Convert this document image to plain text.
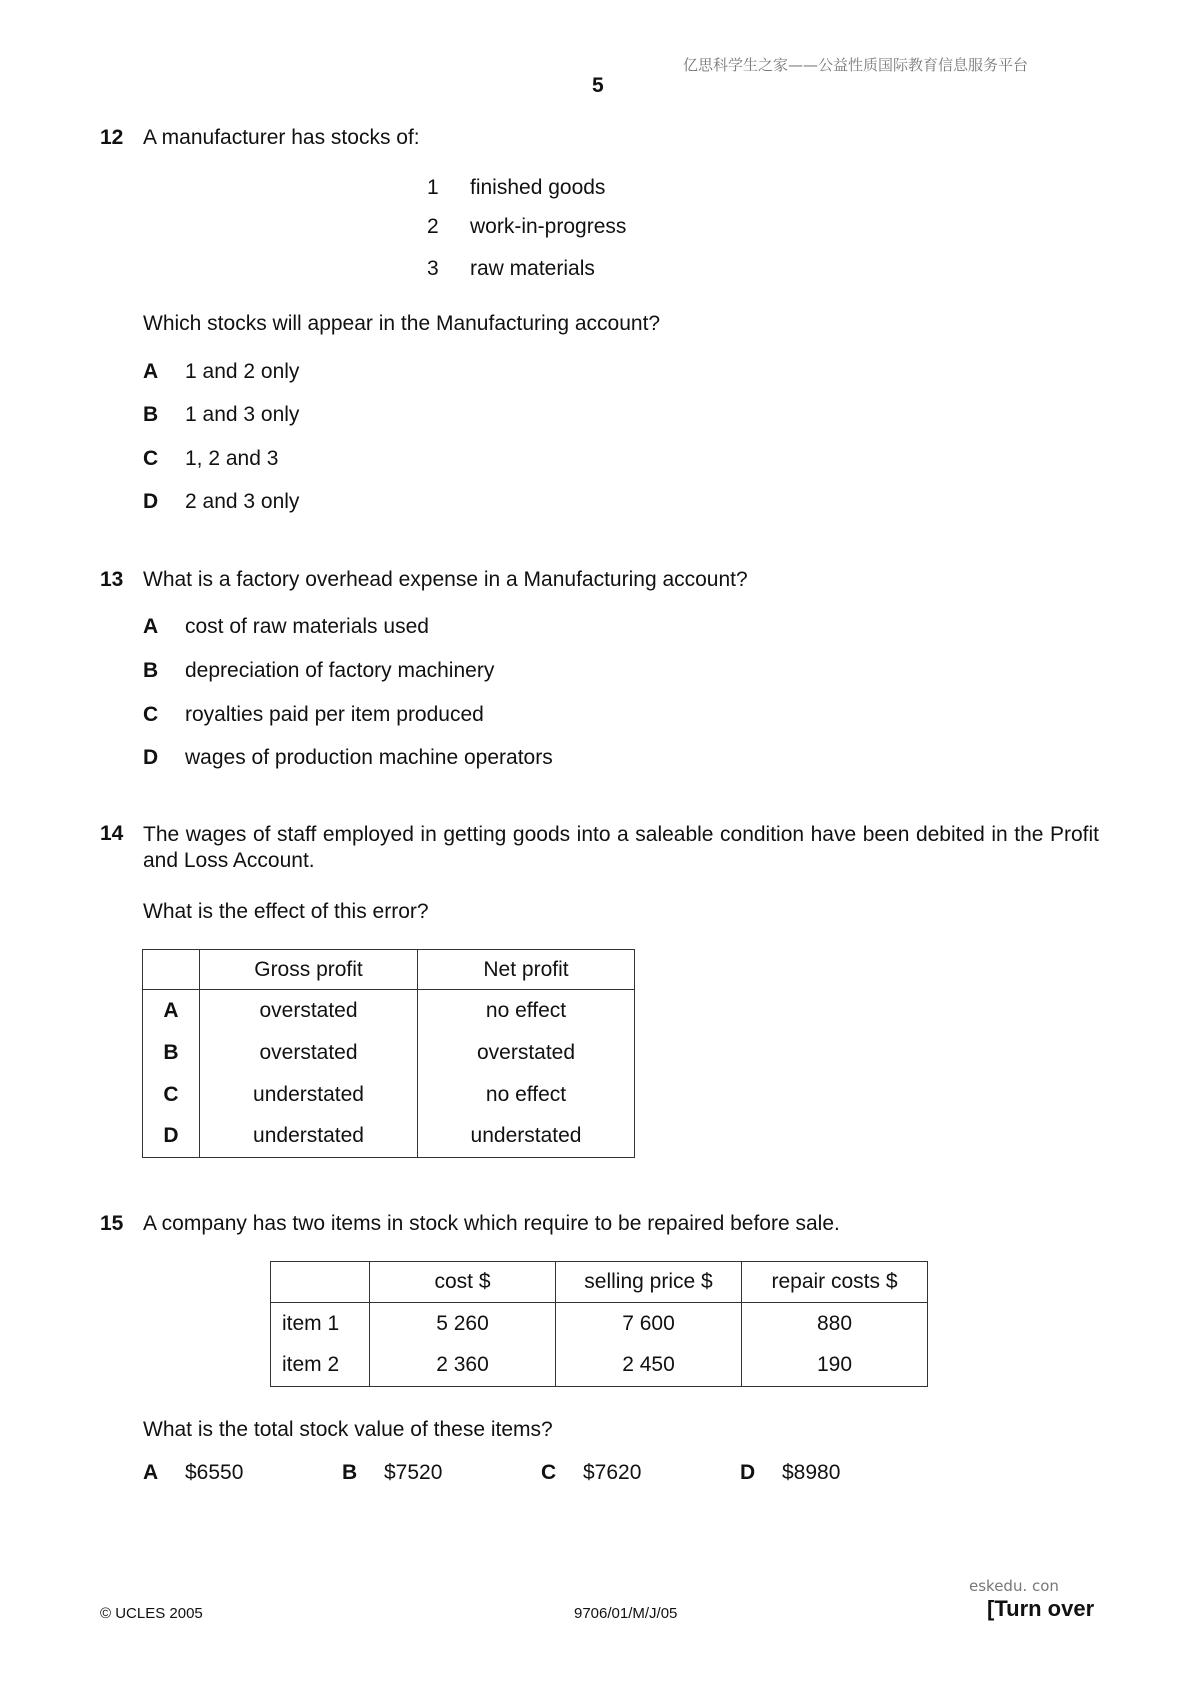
亿思科学生之家——公益性质国际教育信息服务平台
5
12 A manufacturer has stocks of:
1 finished goods
2 work-in-progress
3 raw materials
Which stocks will appear in the Manufacturing account?
A 1 and 2 only
B 1 and 3 only
C 1, 2 and 3
D 2 and 3 only
13 What is a factory overhead expense in a Manufacturing account?
A cost of raw materials used
B depreciation of factory machinery
C royalties paid per item produced
D wages of production machine operators
14 The wages of staff employed in getting goods into a saleable condition have been debited in the Profit and Loss Account.
What is the effect of this error?
	Gross profit	Net profit
A	overstated	no effect
B	overstated	overstated
C	understated	no effect
D	understated	understated
15 A company has two items in stock which require to be repaired before sale.
	cost $	selling price $	repair costs $
item 1	5 260	7 600	880
item 2	2 360	2 450	190
What is the total stock value of these items?
A $6550	B $7520	C $7620	D $8980
eskedu. con
© UCLES 2005	9706/01/M/J/05	[Turn over
